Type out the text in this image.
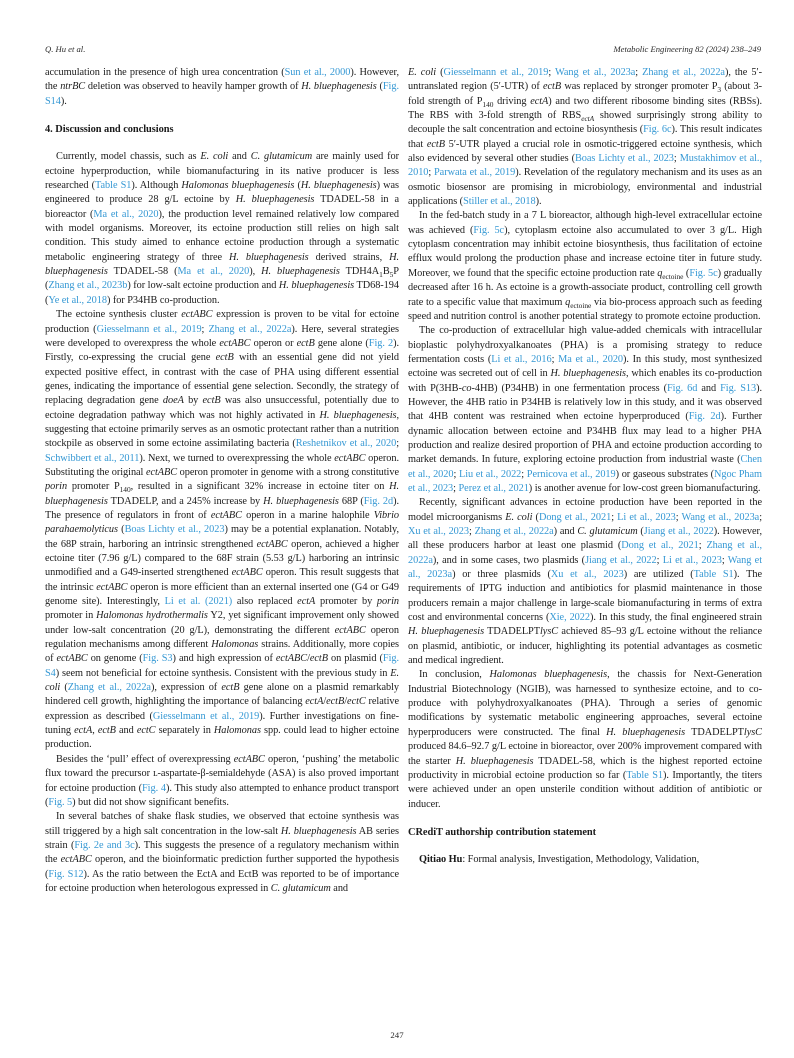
Q. Hu et al.	Metabolic Engineering 82 (2024) 238–249

accumulation in the presence of high urea concentration (Sun et al., 2000). However, the ntrBC deletion was observed to heavily hamper growth of H. bluephagenesis (Fig. S14).

4. Discussion and conclusions

Currently, model chassis, such as E. coli and C. glutamicum are mainly used for ectoine hyperproduction, while biomanufacturing in its native producer is less researched (Table S1). Although Halomonas bluephagenesis (H. bluephagenesis) was engineered to produce 28 g/L ectoine by H. bluephagenesis TDADEL-58 in a bioreactor (Ma et al., 2020), the production level remained relatively low compared with model organisms. Moreover, its ectoine production still relies on high salt condition. This study aimed to enhance ectoine production through a systematic metabolic engineering strategy of three H. bluephagenesis derived strains, H. bluephagenesis TDADEL-58 (Ma et al., 2020), H. bluephagenesis $TDH4A_1B_5P$ (Zhang et al., 2023b) for low-salt ectoine production and H. bluephagenesis TD68-194 (Ye et al., 2018) for P34HB co-production.

The ectoine synthesis cluster ectABC expression is proven to be vital for ectoine production (Giesselmann et al., 2019; Zhang et al., 2022a). Here, several strategies were developed to overexpress the whole ectABC operon or ectB gene alone (Fig. 2). Firstly, co-expressing the crucial gene ectB with an essential gene did not yield expected positive effect, in contrast with the case of PHA using different essential genes, indicating the importance of essential gene selection. Secondly, the strategy of replacing degradation gene doeA by ectB was also unsuccessful, potentially due to ectoine degradation pathway which was not highly activated in H. bluephagenesis, suggesting that ectoine primarily serves as an osmotic protectant rather than a nutrition stockpile as observed in some ectoine assimilating bacteria (Reshetnikov et al., 2020; Schwibbert et al., 2011). Next, we turned to overexpressing the whole ectABC operon. Substituting the original ectABC operon promoter in genome with a strong constitutive porin promoter $P_{140}$, resulted in a significant 32% increase in ectoine titer on H. bluephagenesis TDADELP, and a 245% increase by H. bluephagenesis 68P (Fig. 2d). The presence of regulators in front of ectABC operon in a marine halophile Vibrio parahaemolyticus (Boas Lichty et al., 2023) may be a potential explanation. Notably, the 68P strain, harboring an intrinsic strengthened ectABC operon, achieved a higher ectoine titer (7.96 g/L) compared to the 68F strain (5.53 g/L) harboring an intrinsic unmodified and a G49-inserted strengthened ectABC operon. This result suggests that the intrinsic ectABC operon is more efficient than an external inserted one (G4 or G49 genome site). Interestingly, Li et al. (2021) also replaced ectA promoter by porin promoter in Halomonas hydrothermalis Y2, yet significant improvement only showed under low-salt concentration (20 g/L), demonstrating the different ectABC operon regulation mechanisms among different Halomonas strains. Additionally, more copies of ectABC on genome (Fig. S3) and high expression of ectABC/ectB on plasmid (Fig. S4) seem not beneficial for ectoine synthesis. Consistent with the previous study in E. coli (Zhang et al., 2022a), expression of ectB gene alone on a plasmid remarkably hindered cell growth, highlighting the importance of balancing ectA/ectB/ectC relative expression as described (Giesselmann et al., 2019). Further investigations on fine-tuning ectA, ectB and ectC separately in Halomonas spp. could lead to higher ectoine production.

Besides the ‘pull’ effect of overexpressing ectABC operon, ‘pushing’ the metabolic flux toward the precursor ʟ-aspartate-β-semialdehyde (ASA) is also proved important for ectoine production (Fig. 4). This study also attempted to enhance product transport (Fig. 5) but did not show significant benefits.

In several batches of shake flask studies, we observed that ectoine synthesis was still triggered by a high salt concentration in the low-salt H. bluephagenesis AB series strain (Fig. 2e and 3c). This suggests the presence of a regulatory mechanism within the ectABC operon, and the bioinformatic prediction further supported the hypothesis (Fig. S12). As the ratio between the EctA and EctB was reported to be of importance for ectoine production when heterologous expressed in C. glutamicum and

E. coli (Giesselmann et al., 2019; Wang et al., 2023a; Zhang et al., 2022a), the 5′-untranslated region (5′-UTR) of ectB was replaced by stronger promoter $P_3$ (about 3-fold strength of $P_{140}$ driving ectA) and two different ribosome binding sites (RBSs). The RBS with 3-fold strength of $RBS_{ectA}$ showed surprisingly strong ability to decouple the salt concentration and ectoine biosynthesis (Fig. 6c). This result indicates that ectB 5′-UTR played a crucial role in osmotic-triggered ectoine synthesis, which also evidenced by several other studies (Boas Lichty et al., 2023; Mustakhimov et al., 2010; Parwata et al., 2019). Revelation of the regulatory mechanism and its uses as an osmotic biosensor are promising in microbiology, environmental and industrial applications (Stiller et al., 2018).

In the fed-batch study in a 7 L bioreactor, although high-level extracellular ectoine was achieved (Fig. 5c), cytoplasm ectoine also accumulated to over 3 g/L. High cytoplasm concentration may inhibit ectoine biosynthesis, thus facilitation of ectoine efflux would prolong the production phase and increase ectoine titer in future study. Moreover, we found that the specific ectoine production rate $q_{ectoine}$ (Fig. 5c) gradually decreased after 16 h. As ectoine is a growth-associate product, controlling cell growth rate to a specific value that maximum $q_{ectoine}$ via bio-process approach such as feeding speed and nutrition control is another potential strategy to promote ectoine production.

The co-production of extracellular high value-added chemicals with intracellular bioplastic polyhydroxyalkanoates (PHA) is a promising strategy to reduce fermentation costs (Li et al., 2016; Ma et al., 2020). In this study, most synthesized ectoine was secreted out of cell in H. bluephagenesis, which enables its co-production with P(3HB-co-4HB) (P34HB) in one fermentation process (Fig. 6d and Fig. S13). However, the 4HB ratio in P34HB is relatively low in this study, and it was observed that 4HB content was restrained when ectoine hyperproduced (Fig. 2d). Further dynamic allocation between ectoine and P34HB flux may lead to a higher PHA production and realize desired proportion of PHA and ectoine production according to market demands. In future, exploring ectoine production from industrial waste (Chen et al., 2020; Liu et al., 2022; Pernicova et al., 2019) or gaseous substrates (Ngoc Pham et al., 2023; Perez et al., 2021) is another avenue for low-cost green biomanufacturing.

Recently, significant advances in ectoine production have been reported in the model microorganisms E. coli (Dong et al., 2021; Li et al., 2023; Wang et al., 2023a; Xu et al., 2023; Zhang et al., 2022a) and C. glutamicum (Jiang et al., 2022). However, all these producers harbor at least one plasmid (Dong et al., 2021; Zhang et al., 2022a), and in some cases, two plasmids (Jiang et al., 2022; Li et al., 2023; Wang et al., 2023a) or three plasmids (Xu et al., 2023) are utilized (Table S1). The requirements of IPTG induction and antibiotics for plasmid maintenance in those producers remain a major challenge in large-scale biomanufacturing in terms of extra cost and environmental concerns (Xie, 2022). In this study, the final engineered strain H. bluephagenesis TDADELPTlysC achieved 85–93 g/L ectoine without the reliance on plasmid, antibiotic, or inducer, highlighting its potential advantages as cosmetic and medical ingredient.

In conclusion, Halomonas bluephagenesis, the chassis for Next-Generation Industrial Biotechnology (NGIB), was harnessed to synthesize ectoine, and to co-produce with polyhydroxyalkanoates (PHA). Through a series of genomic modifications by systematic metabolic engineering approaches, several ectoine hyperproducers were constructed. The final H. bluephagenesis TDADELPTlysC produced 84.6–92.7 g/L ectoine in bioreactor, over 200% improvement compared with the starter H. bluephagenesis TDADEL-58, which is the highest reported ectoine productivity in microbial ectoine production so far (Table S1). Importantly, the titers were achieved under an open unsterile condition without addition of antibiotic or inducer.

CRediT authorship contribution statement

Qitiao Hu: Formal analysis, Investigation, Methodology, Validation,

247
